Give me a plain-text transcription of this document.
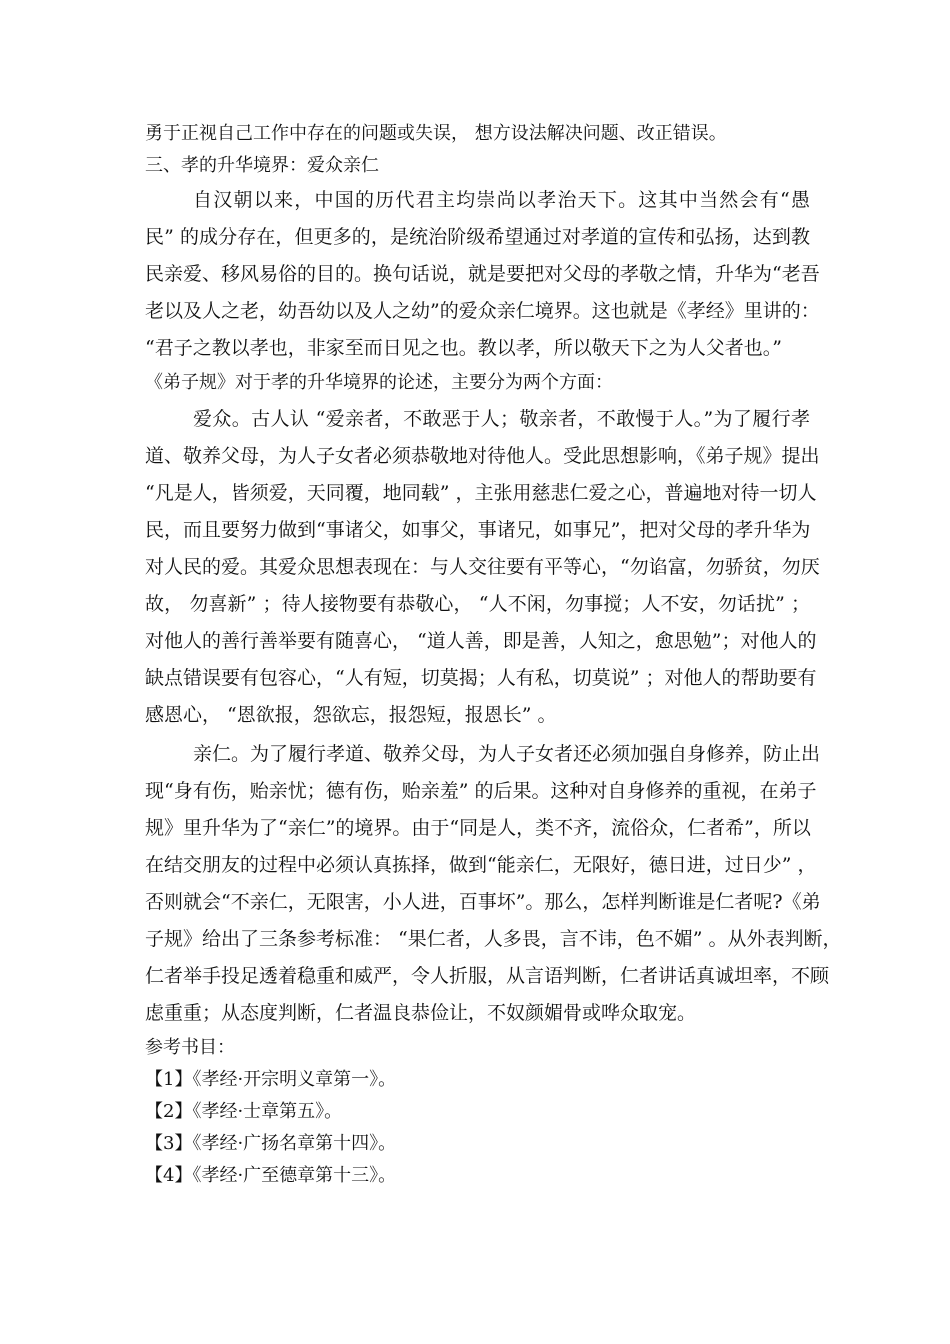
勇于正视自己工作中存在的问题或失误， 想方设法解决问题、改正错误。
三、孝的升华境界：爱众亲仁
自汉朝以来，中国的历代君主均崇尚以孝治天下。这其中当然会有“愚
民” 的成分存在，但更多的，是统治阶级希望通过对孝道的宣传和弘扬，达到教
民亲爱、移风易俗的目的。换句话说，就是要把对父母的孝敬之情，升华为“老吾
老以及人之老，幼吾幼以及人之幼”的爱众亲仁境界。这也就是《孝经》里讲的：
“君子之教以孝也，非家至而日见之也。教以孝，所以敬天下之为人父者也。”
《弟子规》对于孝的升华境界的论述，主要分为两个方面：
爱众。古人认 “爱亲者，不敢恶于人；敬亲者，不敢慢于人。”为了履行孝
道、敬养父母，为人子女者必须恭敬地对待他人。受此思想影响，《弟子规》提出
“凡是人，皆须爱，天同覆，地同载” ，主张用慈悲仁爱之心，普遍地对待一切人
民，而且要努力做到“事诸父，如事父，事诸兄，如事兄”，把对父母的孝升华为
对人民的爱。其爱众思想表现在：与人交往要有平等心，“勿谄富，勿骄贫，勿厌
故， 勿喜新” ；待人接物要有恭敬心， “人不闲，勿事搅；人不安，勿话扰” ；
对他人的善行善举要有随喜心， “道人善，即是善，人知之，愈思勉”；对他人的
缺点错误要有包容心，“人有短，切莫揭；人有私，切莫说” ；对他人的帮助要有
感恩心， “恩欲报，怨欲忘，报怨短，报恩长” 。
亲仁。为了履行孝道、敬养父母，为人子女者还必须加强自身修养，防止出
现“身有伤，贻亲忧；德有伤，贻亲羞” 的后果。这种对自身修养的重视，在弟子
规》里升华为了“亲仁”的境界。由于“同是人，类不齐，流俗众，仁者希”，所以
在结交朋友的过程中必须认真拣择，做到“能亲仁，无限好，德日进，过日少” ，
否则就会“不亲仁，无限害，小人进，百事坏”。那么，怎样判断谁是仁者呢?《弟
子规》给出了三条参考标准： “果仁者，人多畏，言不讳，色不媚” 。从外表判断，
仁者举手投足透着稳重和威严，令人折服，从言语判断，仁者讲话真诚坦率，不顾
虑重重；从态度判断，仁者温良恭俭让，不奴颜媚骨或哗众取宠。
参考书目：
【1】《孝经·开宗明义章第一》。
【2】《孝经·士章第五》。
【3】《孝经·广扬名章第十四》。
【4】《孝经·广至德章第十三》。
